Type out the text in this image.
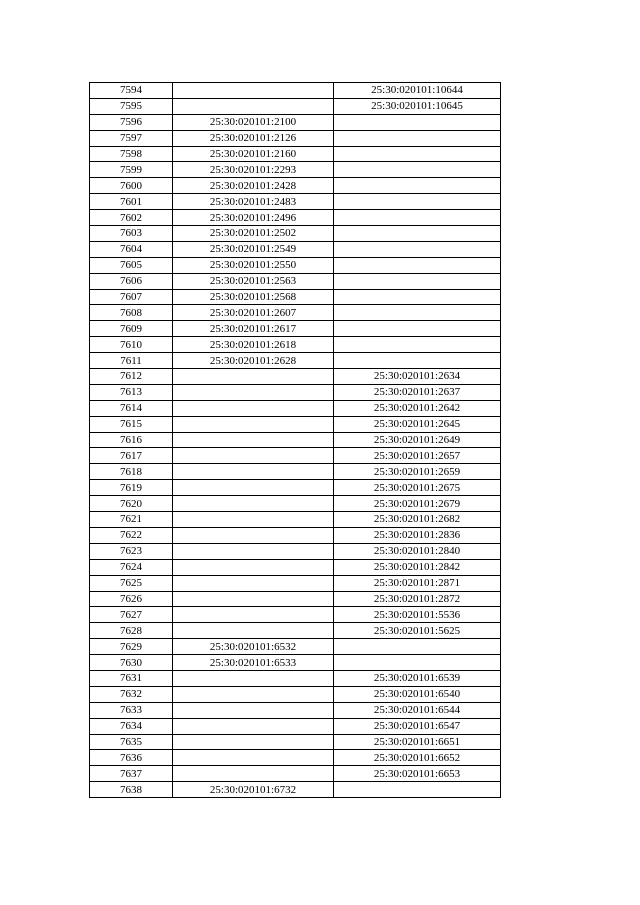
7594		25:30:020101:10644
7595		25:30:020101:10645
7596	25:30:020101:2100	
7597	25:30:020101:2126	
7598	25:30:020101:2160	
7599	25:30:020101:2293	
7600	25:30:020101:2428	
7601	25:30:020101:2483	
7602	25:30:020101:2496	
7603	25:30:020101:2502	
7604	25:30:020101:2549	
7605	25:30:020101:2550	
7606	25:30:020101:2563	
7607	25:30:020101:2568	
7608	25:30:020101:2607	
7609	25:30:020101:2617	
7610	25:30:020101:2618	
7611	25:30:020101:2628	
7612		25:30:020101:2634
7613		25:30:020101:2637
7614		25:30:020101:2642
7615		25:30:020101:2645
7616		25:30:020101:2649
7617		25:30:020101:2657
7618		25:30:020101:2659
7619		25:30:020101:2675
7620		25:30:020101:2679
7621		25:30:020101:2682
7622		25:30:020101:2836
7623		25:30:020101:2840
7624		25:30:020101:2842
7625		25:30:020101:2871
7626		25:30:020101:2872
7627		25:30:020101:5536
7628		25:30:020101:5625
7629	25:30:020101:6532	
7630	25:30:020101:6533	
7631		25:30:020101:6539
7632		25:30:020101:6540
7633		25:30:020101:6544
7634		25:30:020101:6547
7635		25:30:020101:6651
7636		25:30:020101:6652
7637		25:30:020101:6653
7638	25:30:020101:6732	
